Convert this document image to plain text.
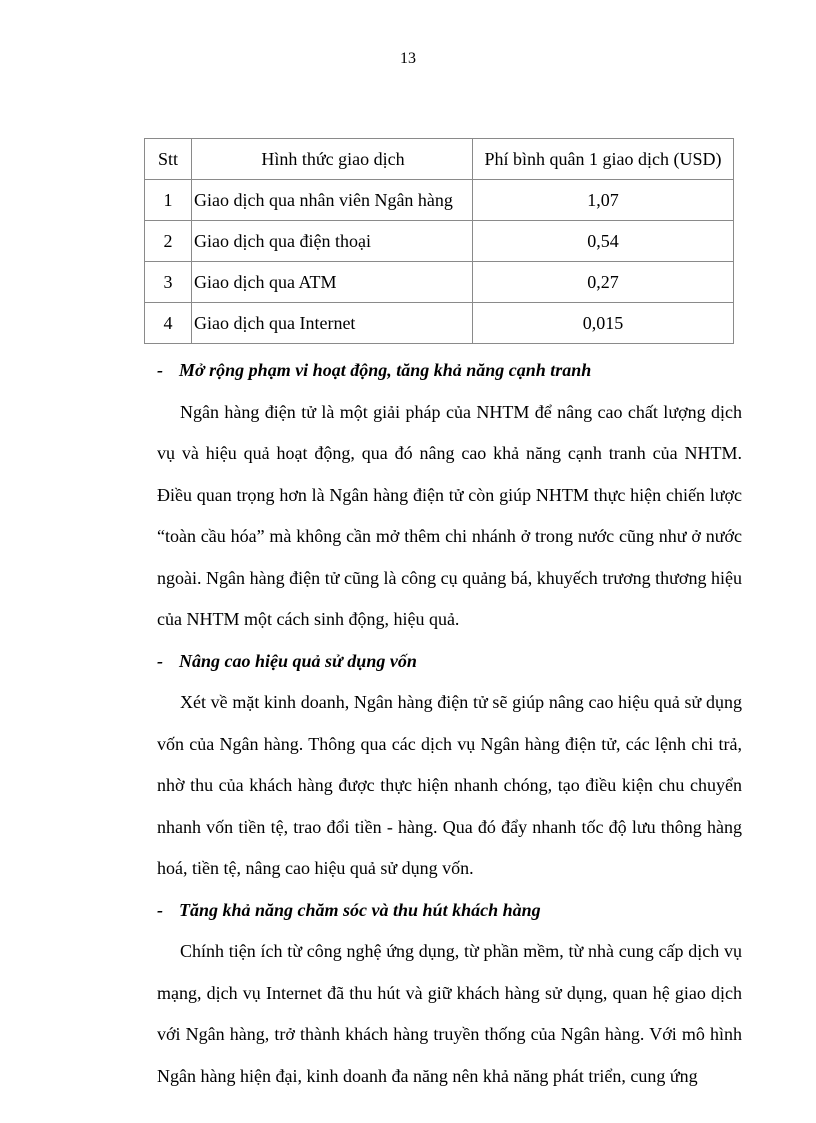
13
Stt	Hình thức giao dịch	Phí bình quân 1 giao dịch (USD)
1	Giao dịch qua nhân viên Ngân hàng	1,07
2	Giao dịch qua điện thoại	0,54
3	Giao dịch qua ATM	0,27
4	Giao dịch qua Internet	0,015

- Mở rộng phạm vi hoạt động, tăng khả năng cạnh tranh

Ngân hàng điện tử là một giải pháp của NHTM để nâng cao chất lượng dịch vụ và hiệu quả hoạt động, qua đó nâng cao khả năng cạnh tranh của NHTM. Điều quan trọng hơn là Ngân hàng điện tử còn giúp NHTM thực hiện chiến lược “toàn cầu hóa” mà không cần mở thêm chi nhánh ở trong nước cũng như ở nước ngoài. Ngân hàng điện tử cũng là công cụ quảng bá, khuyếch trương thương hiệu của NHTM một cách sinh động, hiệu quả.

- Nâng cao hiệu quả sử dụng vốn

Xét về mặt kinh doanh, Ngân hàng điện tử sẽ giúp nâng cao hiệu quả sử dụng vốn của Ngân hàng. Thông qua các dịch vụ Ngân hàng điện tử, các lệnh chi trả, nhờ thu của khách hàng được thực hiện nhanh chóng, tạo điều kiện chu chuyển nhanh vốn tiền tệ, trao đổi tiền - hàng. Qua đó đẩy nhanh tốc độ lưu thông hàng hoá, tiền tệ, nâng cao hiệu quả sử dụng vốn.

- Tăng khả năng chăm sóc và thu hút khách hàng

Chính tiện ích từ công nghệ ứng dụng, từ phần mềm, từ nhà cung cấp dịch vụ mạng, dịch vụ Internet đã thu hút và giữ khách hàng sử dụng, quan hệ giao dịch với Ngân hàng, trở thành khách hàng truyền thống của Ngân hàng. Với mô hình Ngân hàng hiện đại, kinh doanh đa năng nên khả năng phát triển, cung ứng
